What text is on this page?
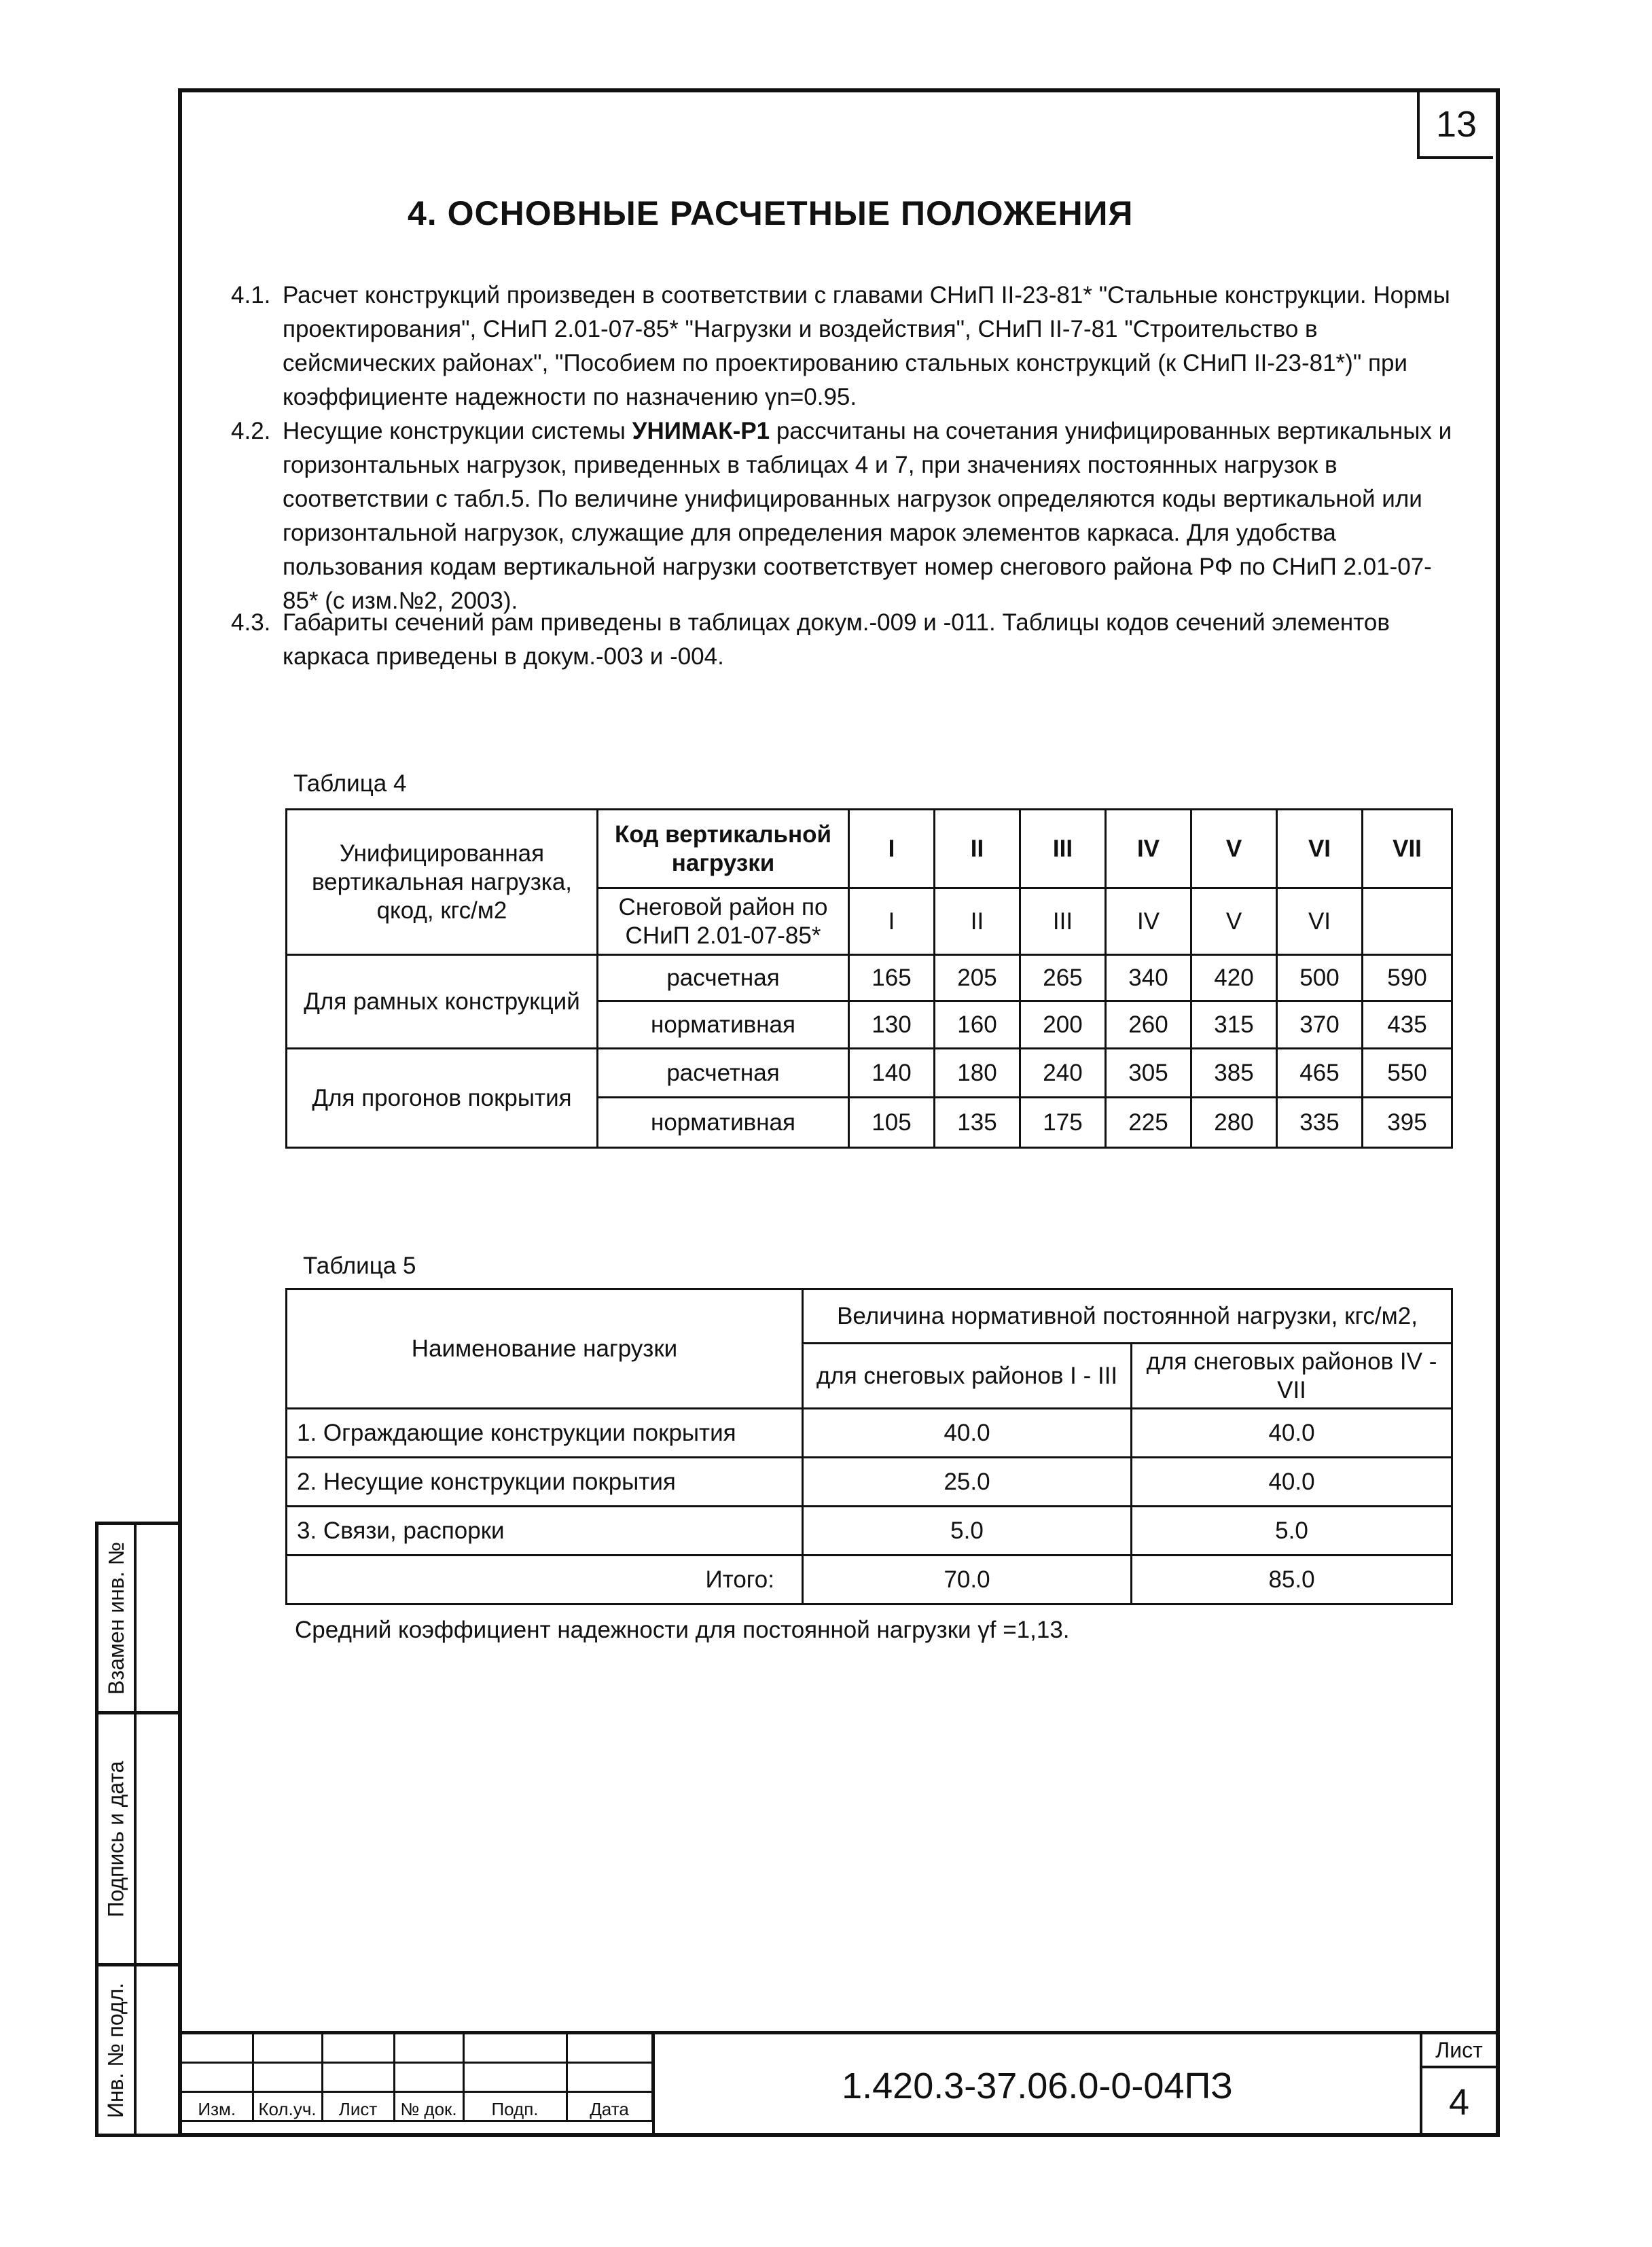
13
4. ОСНОВНЫЕ РАСЧЕТНЫЕ ПОЛОЖЕНИЯ
4.1. Расчет конструкций произведен в соответствии с главами СНиП II-23-81* "Стальные конструкции. Нормы проектирования", СНиП 2.01-07-85* "Нагрузки и воздействия", СНиП II-7-81 "Строительство в сейсмических районах", "Пособием по проектированию стальных конструкций (к СНиП II-23-81*)" при коэффициенте надежности по назначению γn=0.95.
4.2. Несущие конструкции системы УНИМАК-Р1 рассчитаны на сочетания унифицированных вертикальных и горизонтальных нагрузок, приведенных в таблицах 4 и 7, при значениях постоянных нагрузок в соответствии с табл.5. По величине унифицированных нагрузок определяются коды вертикальной или горизонтальной нагрузок, служащие для определения марок элементов каркаса. Для удобства пользования кодам вертикальной нагрузки соответствует номер снегового района РФ по СНиП 2.01-07-85* (с изм.№2, 2003).
4.3. Габариты сечений рам приведены в таблицах докум.-009 и -011. Таблицы кодов сечений элементов каркаса приведены в докум.-003 и -004.
Таблица 4
Унифицированная вертикальная нагрузка, qкод, кгс/м2	Код вертикальной нагрузки	I	II	III	IV	V	VI	VII
	Снеговой район по СНиП 2.01-07-85*	I	II	III	IV	V	VI	
Для рамных конструкций	расчетная	165	205	265	340	420	500	590
	нормативная	130	160	200	260	315	370	435
Для прогонов покрытия	расчетная	140	180	240	305	385	465	550
	нормативная	105	135	175	225	280	335	395
Таблица 5
Наименование нагрузки	Величина нормативной постоянной нагрузки, кгс/м2,	
	для снеговых районов I - III	для снеговых районов IV - VII
1. Ограждающие конструкции покрытия	40.0	40.0
2. Несущие конструкции покрытия	25.0	40.0
3. Связи, распорки	5.0	5.0
Итого:	70.0	85.0
Средний коэффициент надежности для постоянной нагрузки γf =1,13.
Взамен инв. №
Подпись и дата
Инв. № подл.

						Изм.	Кол.уч.	Лист	№ док.	Подп.	Дата
1.420.3-37.06.0-0-04ПЗ
Лист
4
